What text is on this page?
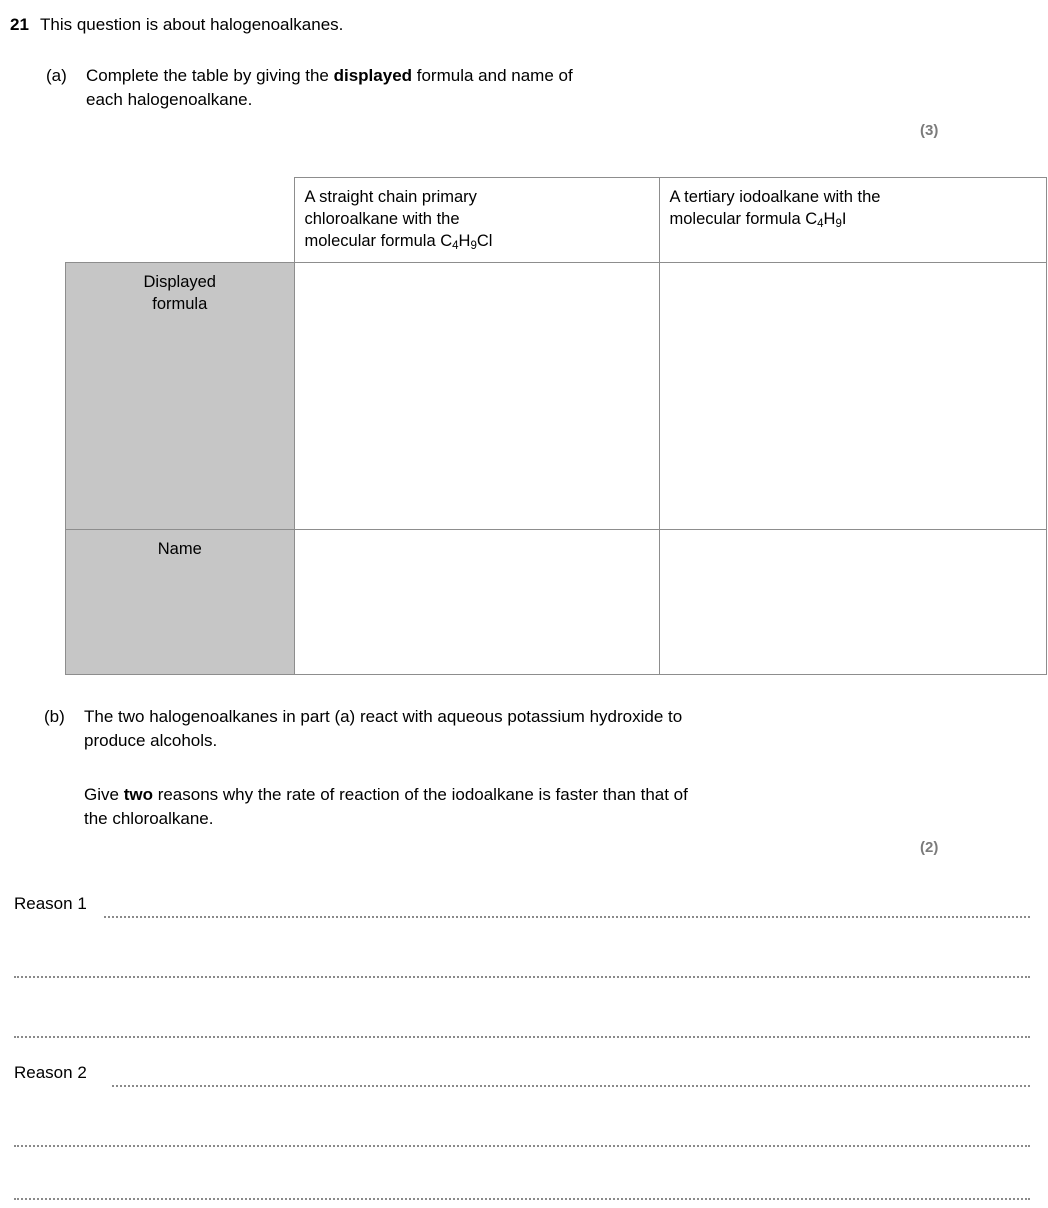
21 This question is about halogenoalkanes.
(a)	Complete the table by giving the displayed formula and name of
each halogenoalkane.
(3)
	A straight chain primary
chloroalkane with the
molecular formula $C_4H_9Cl$	A tertiary iodoalkane with the
molecular formula $C_4H_9I$

Displayed
formula		

Name		

(b)	The two halogenoalkanes in part (a) react with aqueous potassium hydroxide to
produce alcohols.
Give two reasons why the rate of reaction of the iodoalkane is faster than that of
the chloroalkane.
(2)
Reason 1
Reason 2
